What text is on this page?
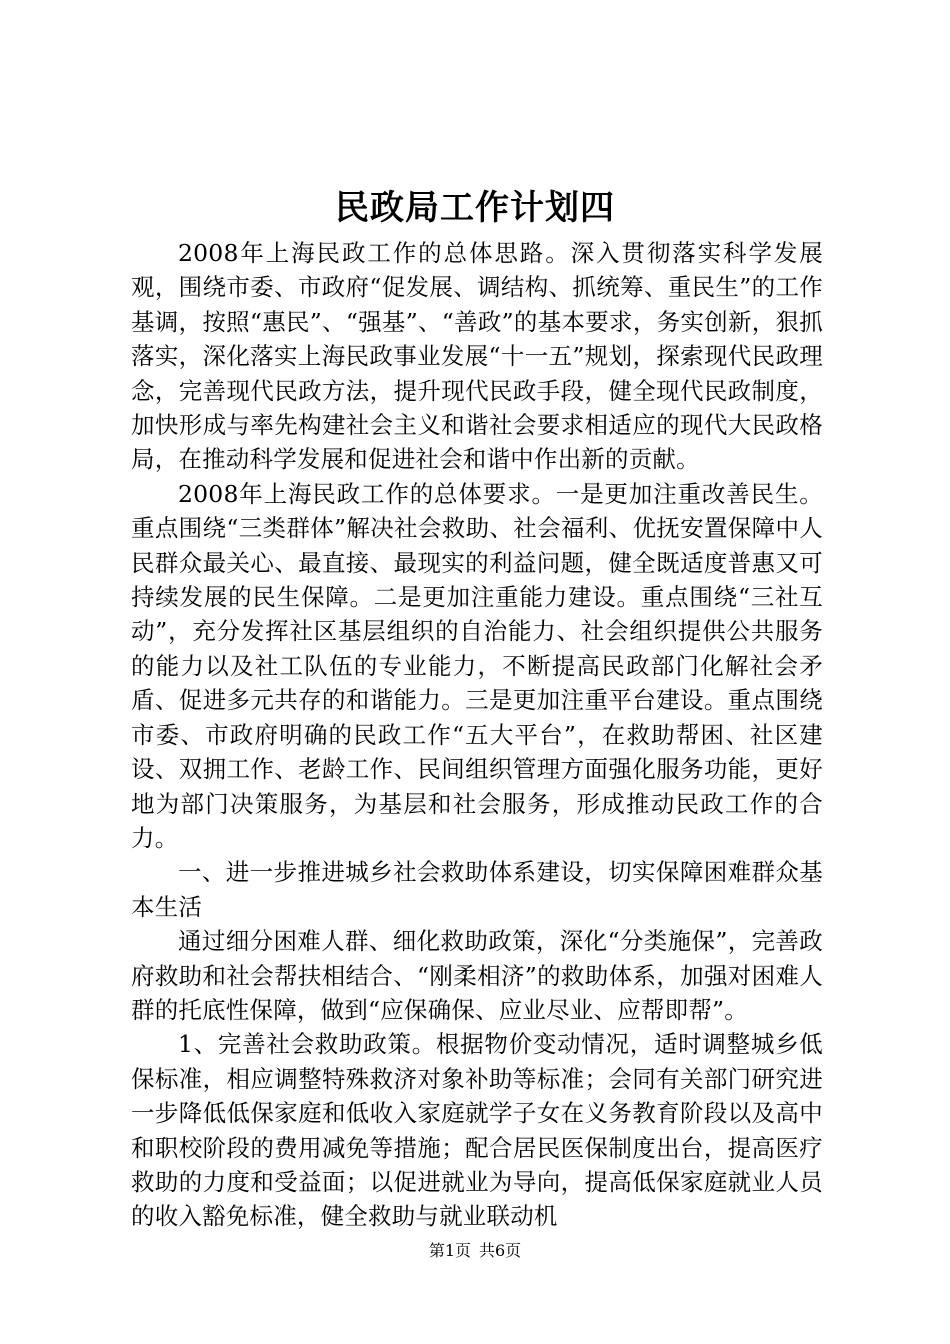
民政局工作计划四

2008年上海民政工作的总体思路。深入贯彻落实科学发展观，围绕市委、市政府“促发展、调结构、抓统筹、重民生”的工作基调，按照“惠民”、“强基”、“善政”的基本要求，务实创新，狠抓落实，深化落实上海民政事业发展“十一五”规划，探索现代民政理念，完善现代民政方法，提升现代民政手段，健全现代民政制度，加快形成与率先构建社会主义和谐社会要求相适应的现代大民政格局，在推动科学发展和促进社会和谐中作出新的贡献。

2008年上海民政工作的总体要求。一是更加注重改善民生。重点围绕“三类群体”解决社会救助、社会福利、优抚安置保障中人民群众最关心、最直接、最现实的利益问题，健全既适度普惠又可持续发展的民生保障。二是更加注重能力建设。重点围绕“三社互动”，充分发挥社区基层组织的自治能力、社会组织提供公共服务的能力以及社工队伍的专业能力，不断提高民政部门化解社会矛盾、促进多元共存的和谐能力。三是更加注重平台建设。重点围绕市委、市政府明确的民政工作“五大平台”，在救助帮困、社区建设、双拥工作、老龄工作、民间组织管理方面强化服务功能，更好地为部门决策服务，为基层和社会服务，形成推动民政工作的合力。

一、进一步推进城乡社会救助体系建设，切实保障困难群众基本生活

通过细分困难人群、细化救助政策，深化“分类施保”，完善政府救助和社会帮扶相结合、“刚柔相济”的救助体系，加强对困难人群的托底性保障，做到“应保确保、应业尽业、应帮即帮”。

1、完善社会救助政策。根据物价变动情况，适时调整城乡低保标准，相应调整特殊救济对象补助等标准；会同有关部门研究进一步降低低保家庭和低收入家庭就学子女在义务教育阶段以及高中和职校阶段的费用减免等措施；配合居民医保制度出台，提高医疗救助的力度和受益面；以促进就业为导向，提高低保家庭就业人员的收入豁免标准，健全救助与就业联动机

第1页 共6页
